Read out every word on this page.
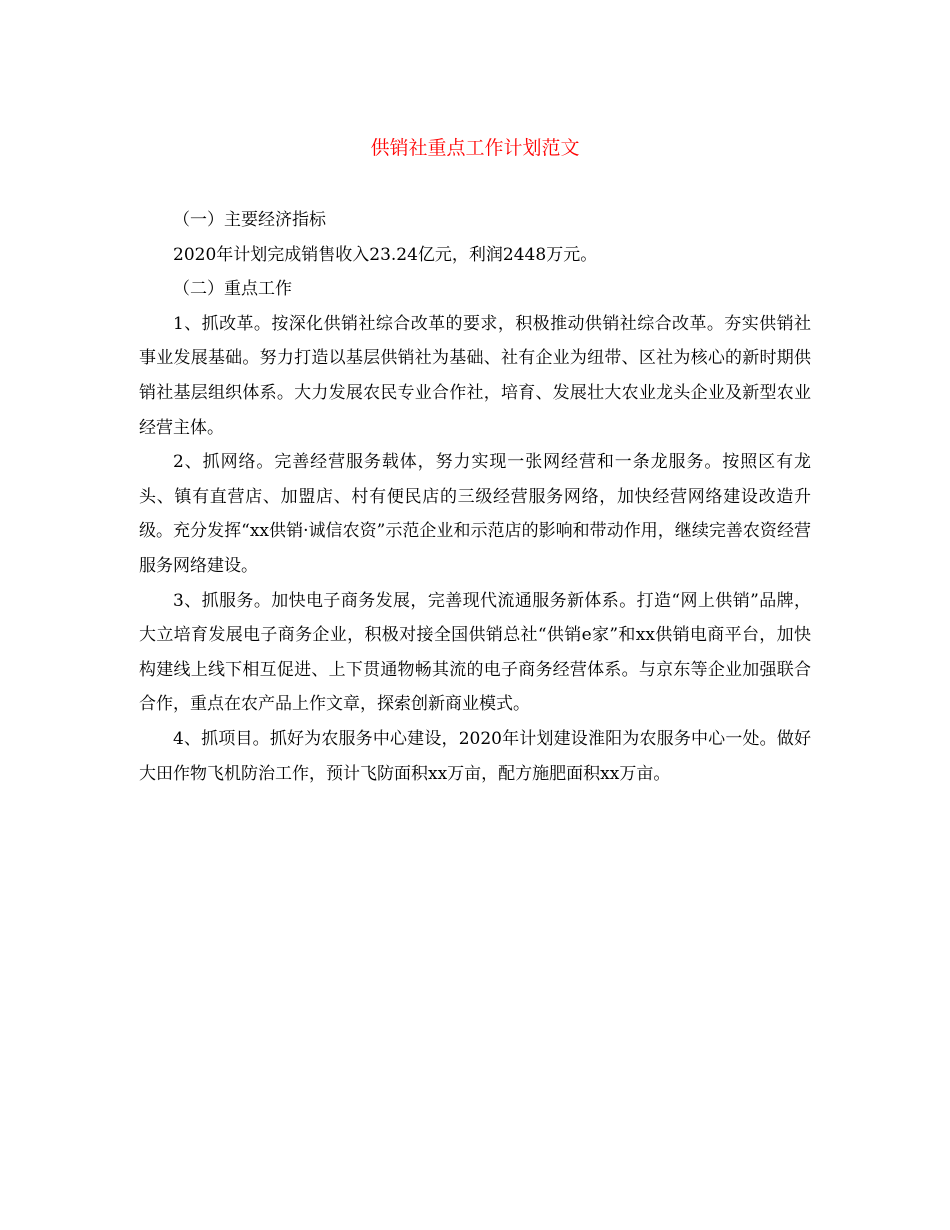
供销社重点工作计划范文

（一）主要经济指标

2020年计划完成销售收入23.24亿元，利润2448万元。

（二）重点工作

1、抓改革。按深化供销社综合改革的要求，积极推动供销社综合改革。夯实供销社事业发展基础。努力打造以基层供销社为基础、社有企业为纽带、区社为核心的新时期供销社基层组织体系。大力发展农民专业合作社，培育、发展壮大农业龙头企业及新型农业经营主体。

2、抓网络。完善经营服务载体，努力实现一张网经营和一条龙服务。按照区有龙头、镇有直营店、加盟店、村有便民店的三级经营服务网络，加快经营网络建设改造升级。充分发挥“xx供销·诚信农资”示范企业和示范店的影响和带动作用，继续完善农资经营服务网络建设。

3、抓服务。加快电子商务发展，完善现代流通服务新体系。打造“网上供销”品牌，大立培育发展电子商务企业，积极对接全国供销总社“供销e家”和xx供销电商平台，加快构建线上线下相互促进、上下贯通物畅其流的电子商务经营体系。与京东等企业加强联合合作，重点在农产品上作文章，探索创新商业模式。

4、抓项目。抓好为农服务中心建设，2020年计划建设淮阳为农服务中心一处。做好大田作物飞机防治工作，预计飞防面积xx万亩，配方施肥面积xx万亩。
